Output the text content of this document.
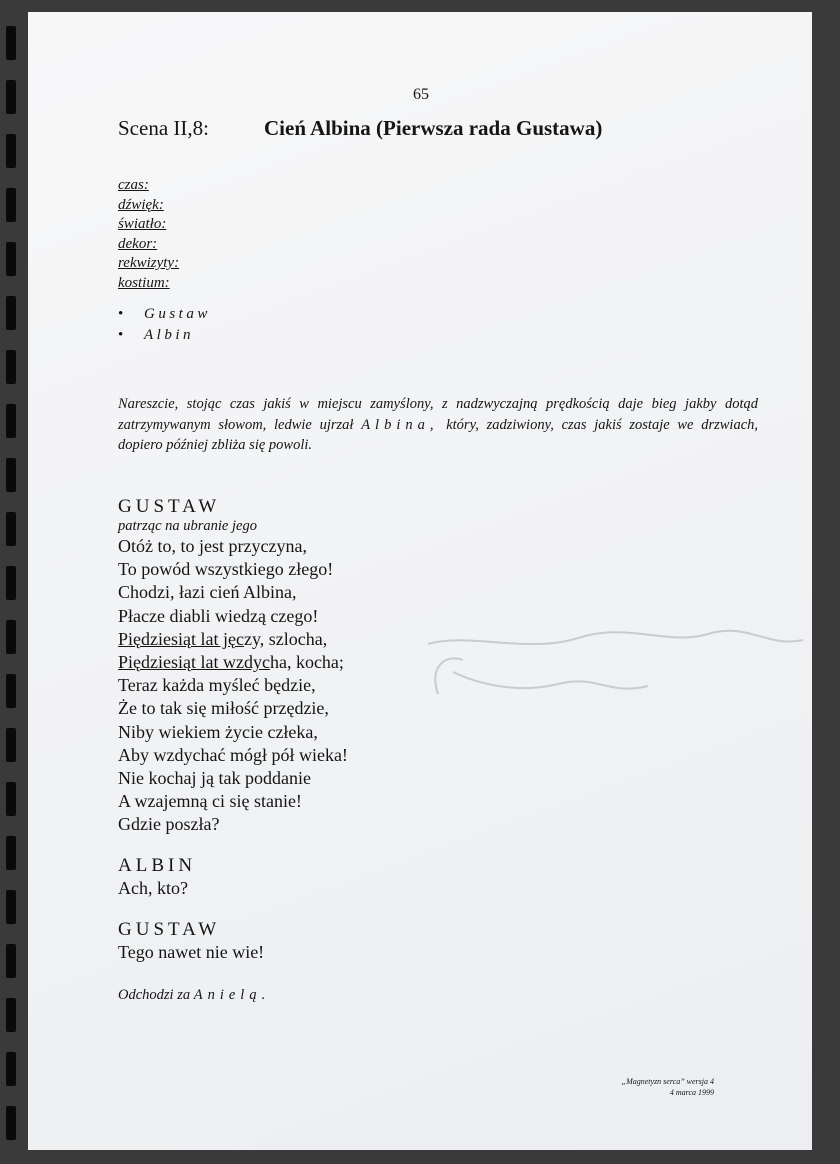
65
Scena II,8:	Cień Albina (Pierwsza rada Gustawa)
czas:
dźwięk:
światło:
dekor:
rekwizyty:
kostium:
• Gustaw
• Albin
Nareszcie, stojąc czas jakiś w miejscu zamyślony, z nadzwyczajną prędkością daje bieg jakby dotąd zatrzymywanym słowom, ledwie ujrzał Albina, który, zadziwiony, czas jakiś zostaje we drzwiach, dopiero później zbliża się powoli.
GUSTAW
patrząc na ubranie jego
Otóż to, to jest przyczyna,
To powód wszystkiego złego!
Chodzi, łazi cień Albina,
Płacze diabli wiedzą czego!
Piędziesiąt lat jęczy, szlocha,
Piędziesiąt lat wzdycha, kocha;
Teraz każda myśleć będzie,
Że to tak się miłość przędzie,
Niby wiekiem życie człeka,
Aby wzdychać mógł pół wieka!
Nie kochaj ją tak poddanie
A wzajemną ci się stanie!
Gdzie poszła?
ALBIN
Ach, kto?
GUSTAW
Tego nawet nie wie!
Odchodzi za Anielą.
„Magnetyzn serca” wersja 4
4 marca 1999
